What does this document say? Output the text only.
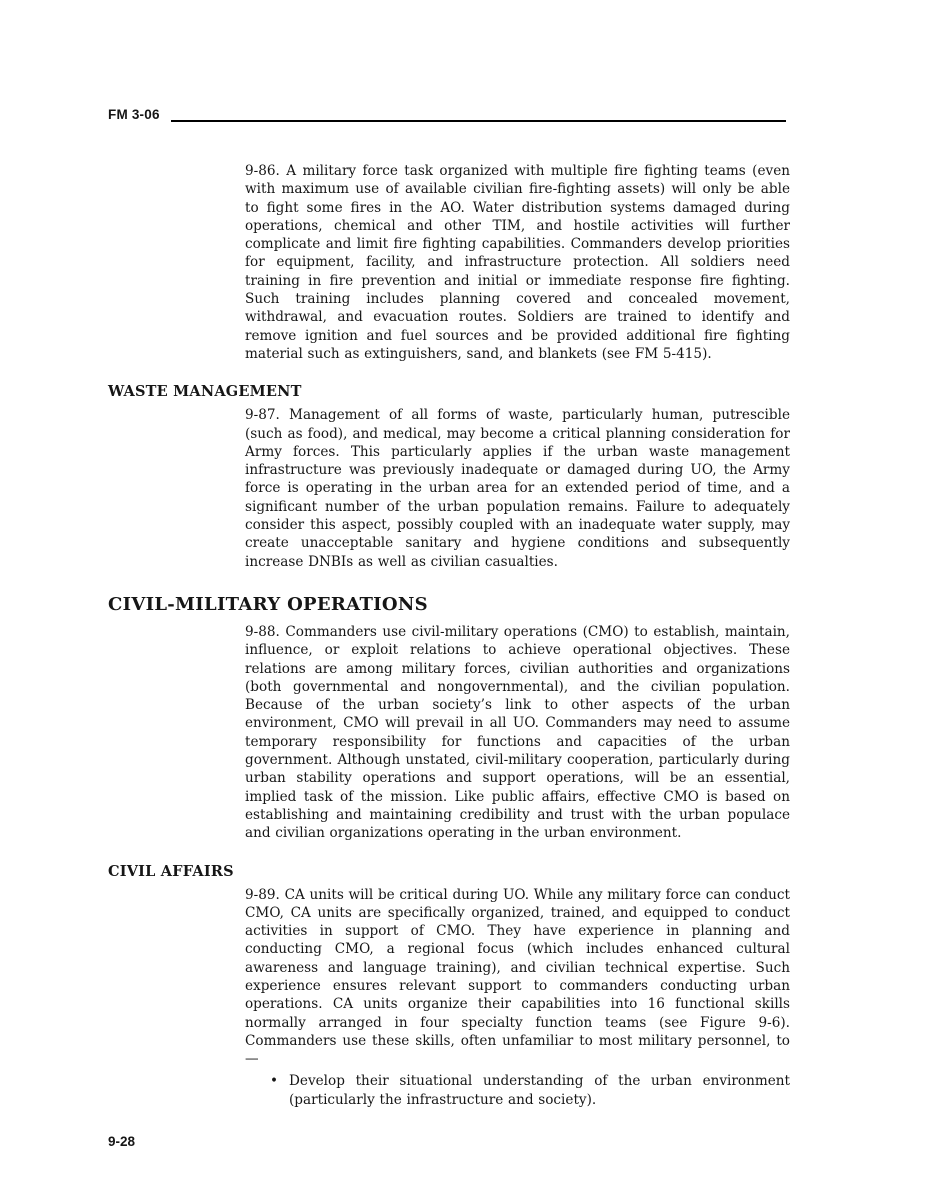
FM 3-06

9-86. A military force task organized with multiple fire fighting teams (even with maximum use of available civilian fire-fighting assets) will only be able to fight some fires in the AO. Water distribution systems damaged during operations, chemical and other TIM, and hostile activities will further complicate and limit fire fighting capabilities. Commanders develop priorities for equipment, facility, and infrastructure protection. All soldiers need training in fire prevention and initial or immediate response fire fighting. Such training includes planning covered and concealed movement, withdrawal, and evacuation routes. Soldiers are trained to identify and remove ignition and fuel sources and be provided additional fire fighting material such as extinguishers, sand, and blankets (see FM 5-415).

WASTE MANAGEMENT

9-87. Management of all forms of waste, particularly human, putrescible (such as food), and medical, may become a critical planning consideration for Army forces. This particularly applies if the urban waste management infrastructure was previously inadequate or damaged during UO, the Army force is operating in the urban area for an extended period of time, and a significant number of the urban population remains. Failure to adequately consider this aspect, possibly coupled with an inadequate water supply, may create unacceptable sanitary and hygiene conditions and subsequently increase DNBIs as well as civilian casualties.

CIVIL-MILITARY OPERATIONS

9-88. Commanders use civil-military operations (CMO) to establish, maintain, influence, or exploit relations to achieve operational objectives. These relations are among military forces, civilian authorities and organizations (both governmental and nongovernmental), and the civilian population. Because of the urban society’s link to other aspects of the urban environment, CMO will prevail in all UO. Commanders may need to assume temporary responsibility for functions and capacities of the urban government. Although unstated, civil-military cooperation, particularly during urban stability operations and support operations, will be an essential, implied task of the mission. Like public affairs, effective CMO is based on establishing and maintaining credibility and trust with the urban populace and civilian organizations operating in the urban environment.

CIVIL AFFAIRS

9-89. CA units will be critical during UO. While any military force can conduct CMO, CA units are specifically organized, trained, and equipped to conduct activities in support of CMO. They have experience in planning and conducting CMO, a regional focus (which includes enhanced cultural awareness and language training), and civilian technical expertise. Such experience ensures relevant support to commanders conducting urban operations. CA units organize their capabilities into 16 functional skills normally arranged in four specialty function teams (see Figure 9-6). Commanders use these skills, often unfamiliar to most military personnel, to—

• Develop their situational understanding of the urban environment (particularly the infrastructure and society).
9-28
